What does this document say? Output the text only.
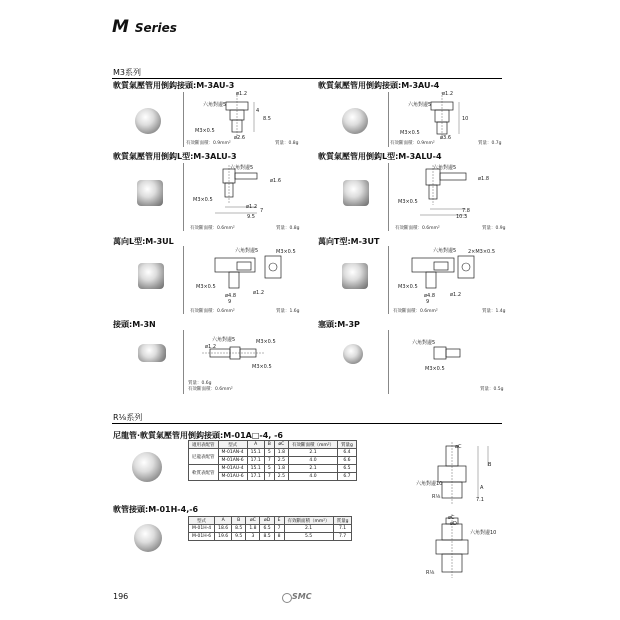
M Series
M3系列
軟質氣壓管用倒鈎接頭:M-3AU-3	軟質氣壓管用倒鈎接頭:M-3AU-4
ø1.2
六角對邊5
M3×0.5
4
8.5
ø2.6
有效斷面積：0.9mm²	質量：0.8g
ø1.2
六角對邊5
M3×0.5
10
ø3.6
有效斷面積：0.9mm²	質量：0.7g
軟質氣壓管用倒鈎L型:M-3ALU-3	軟質氣壓管用倒鈎L型:M-3ALU-4
六角對邊5
ø1.6
M3×0.5
ø1.2
7
9.5
有效斷面積：0.6mm²	質量：0.8g
六角對邊5
ø1.8
M3×0.5
7.8
10.3
有效斷面積：0.6mm²	質量：0.9g
萬向L型:M-3UL	萬向T型:M-3UT
六角對邊5	M3×0.5
M3×0.5
ø4.8
9
ø1.2
有效斷面積：0.6mm²	質量：1.6g
六角對邊5 2×M3×0.5
M3×0.5
ø4.8
9
ø1.2
有效斷面積：0.6mm²	質量：1.4g
接頭:M-3N	塞頭:M-3P
六角對邊5
ø1.2
M3×0.5
M3×0.5
質量：0.6g
有效斷面積：0.6mm²
六角對邊5
M3×0.5
質量：0.5g
R⅛系列
尼龍管·軟質氣壓管用倒鈎接頭:M-01A□-4, -6
適用表配管	型式	A	B	øC	有效斷面積（mm²）	質量g
尼龍表配管	M-01AN-4	15.1	5	1.8	2.1	6.4
	M-01AN-6	17.1	7	2.5	4.0	6.6
軟質表配管	M-01AU-4	15.1	5	1.8	2.1	6.5
	M-01AU-6	17.1	7	2.5	4.0	6.7
øC
B
A
六角對邊10
R⅛	7.1
軟管接頭:M-01H-4,-6
型式	A	B	øC	øD	E	有效斷面積（mm²）	質量g
M-01H-4	18.6	8.5	1.8	6.5	7	2.1	7.1
M-01H-6	19.6	9.5	3	8.5	8	5.5	7.7
øC
øD
六角對邊10
R⅛
196	SMC
